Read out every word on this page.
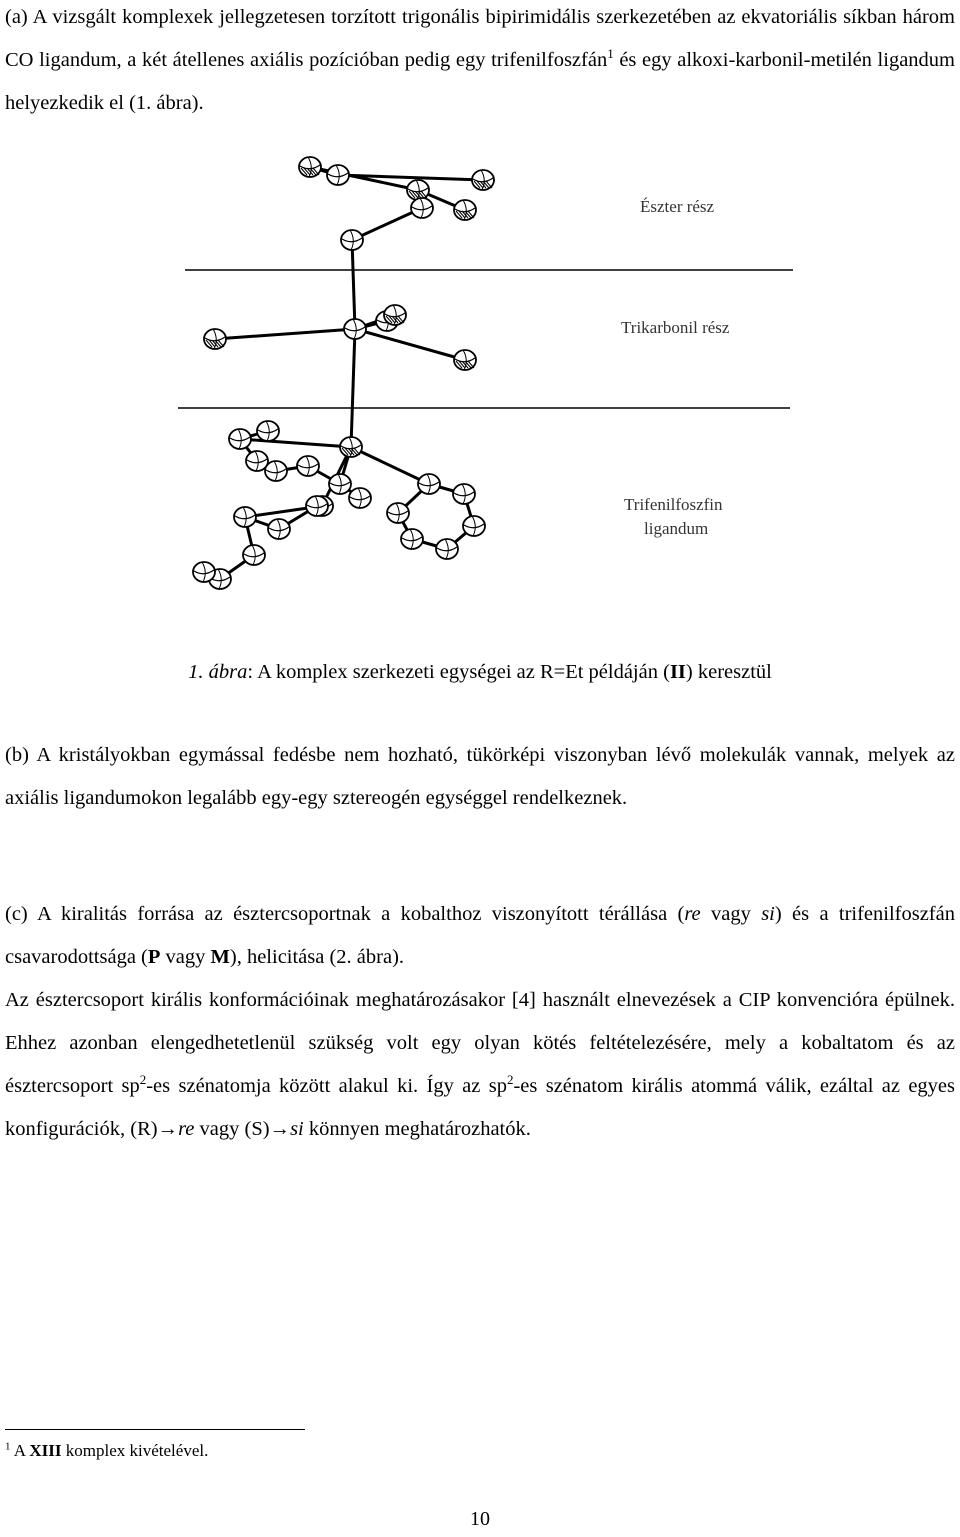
(a) A vizsgált komplexek jellegzetesen torzított trigonális bipirimidális szerkezetében az ekvatoriális síkban három CO ligandum, a két átellenes axiális pozícióban pedig egy trifenilfoszfán$^1$ és egy alkoxi-karbonil-metilén ligandum helyezkedik el (1. ábra).
Észter rész
Trikarbonil rész
Trifenilfoszfin
ligandum
1. ábra: A komplex szerkezeti egységei az R=Et példáján (II) keresztül
(b) A kristályokban egymással fedésbe nem hozható, tükörképi viszonyban lévő molekulák vannak, melyek az axiális ligandumokon legalább egy-egy sztereogén egységgel rendelkeznek.
(c) A kiralitás forrása az észtercsoportnak a kobalthoz viszonyított térállása (re vagy si) és a trifenilfoszfán csavarodottsága (P vagy M), helicitása (2. ábra).
Az észtercsoport királis konformációinak meghatározásakor [4] használt elnevezések a CIP konvencióra épülnek. Ehhez azonban elengedhetetlenül szükség volt egy olyan kötés feltételezésére, mely a kobaltatom és az észtercsoport $sp^2-es$ szénatomja között alakul ki. Így az $sp^2-es$ szénatom királis atommá válik, ezáltal az egyes konfigurációk, (R)→re vagy (S)→si könnyen meghatározhatók.
$^1$ A XIII komplex kivételével.
10
